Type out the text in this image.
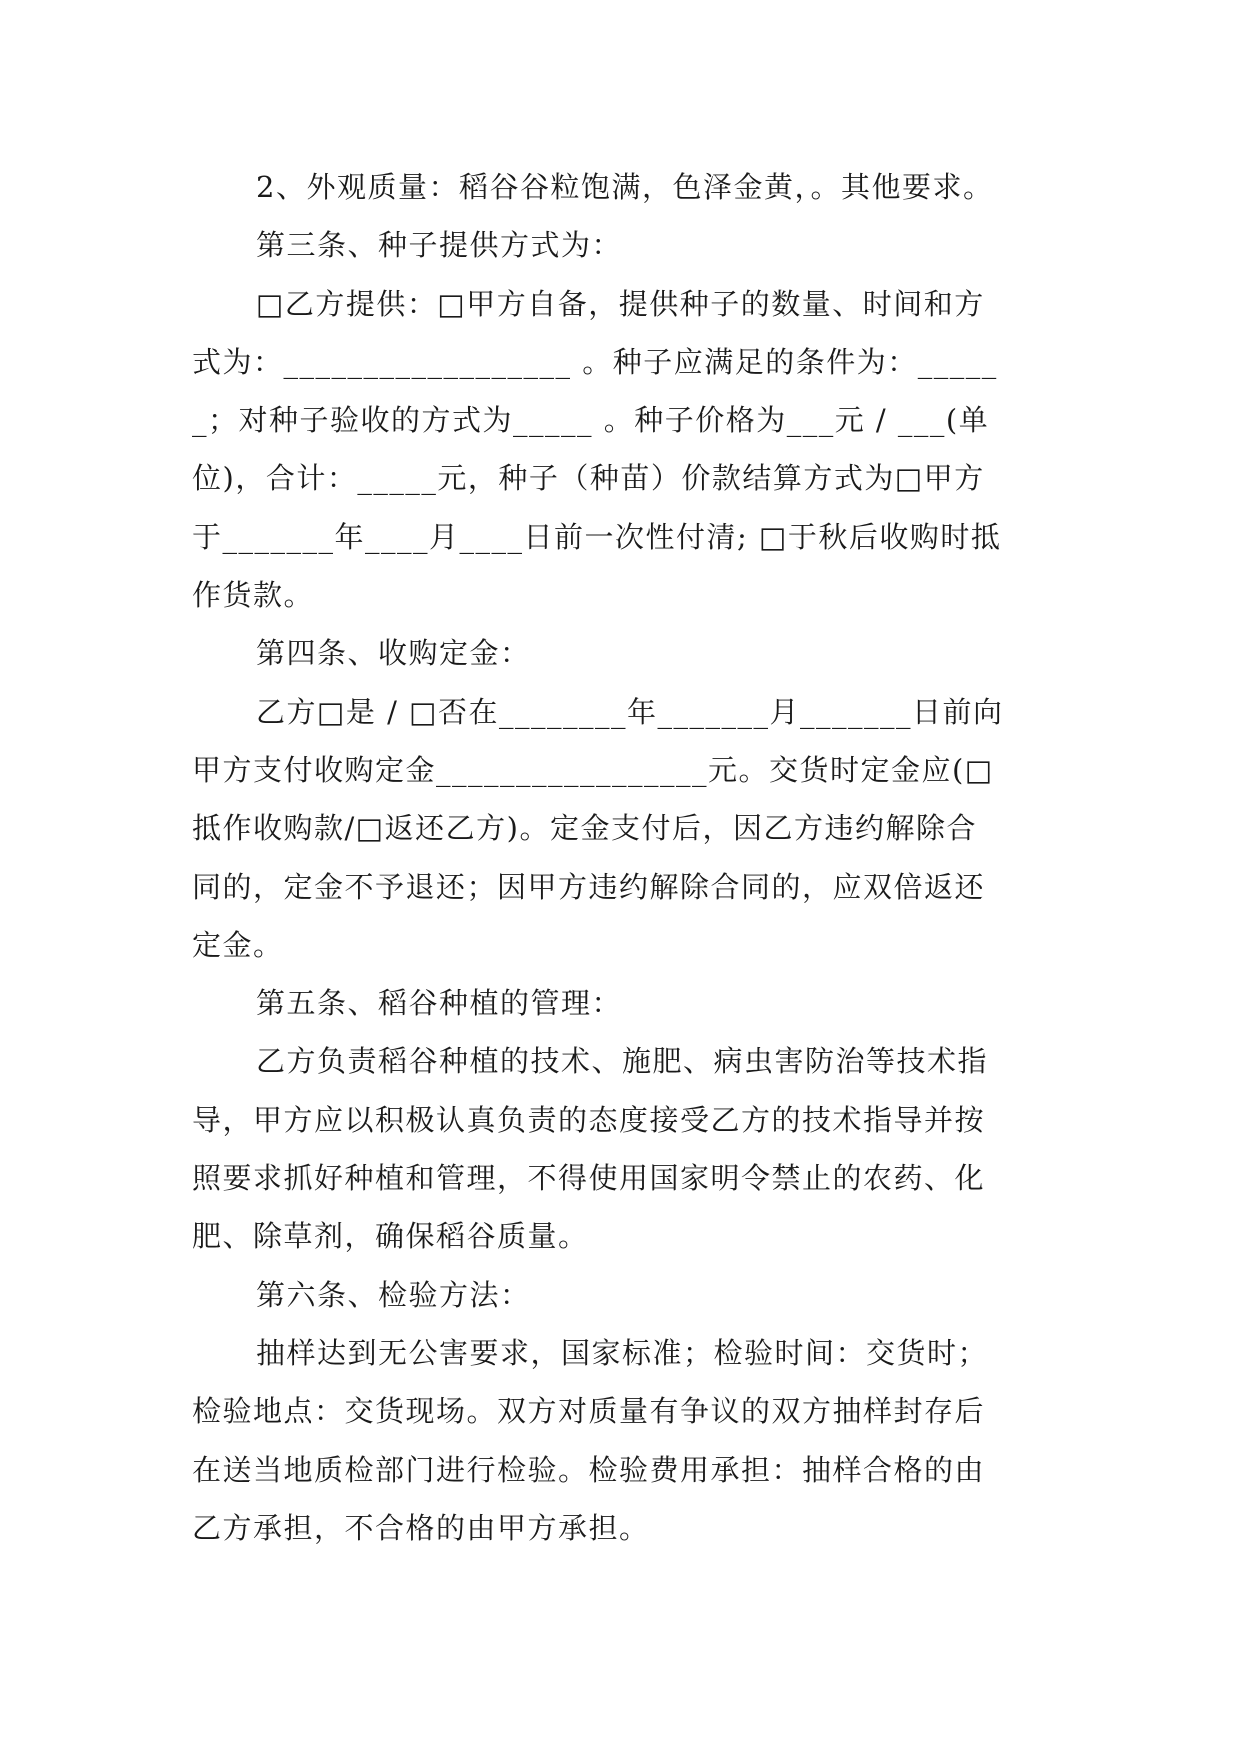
2、外观质量：稻谷谷粒饱满，色泽金黄，。其他要求。
第三条、种子提供方式为：
□乙方提供：□甲方自备，提供种子的数量、时间和方
式为：__________________ 。种子应满足的条件为：_____
_；对种子验收的方式为_____ 。种子价格为___元 / ___(单
位)，合计：_____元，种子（种苗）价款结算方式为□甲方
于_______年____月____日前一次性付清; □于秋后收购时抵
作货款。
第四条、收购定金：
乙方□是 / □否在________年_______月_______日前向
甲方支付收购定金_________________元。交货时定金应(□
抵作收购款/□返还乙方)。定金支付后，因乙方违约解除合
同的，定金不予退还；因甲方违约解除合同的，应双倍返还
定金。
第五条、稻谷种植的管理：
乙方负责稻谷种植的技术、施肥、病虫害防治等技术指
导，甲方应以积极认真负责的态度接受乙方的技术指导并按
照要求抓好种植和管理，不得使用国家明令禁止的农药、化
肥、除草剂，确保稻谷质量。
第六条、检验方法：
抽样达到无公害要求，国家标准；检验时间：交货时；
检验地点：交货现场。双方对质量有争议的双方抽样封存后
在送当地质检部门进行检验。检验费用承担：抽样合格的由
乙方承担，不合格的由甲方承担。
